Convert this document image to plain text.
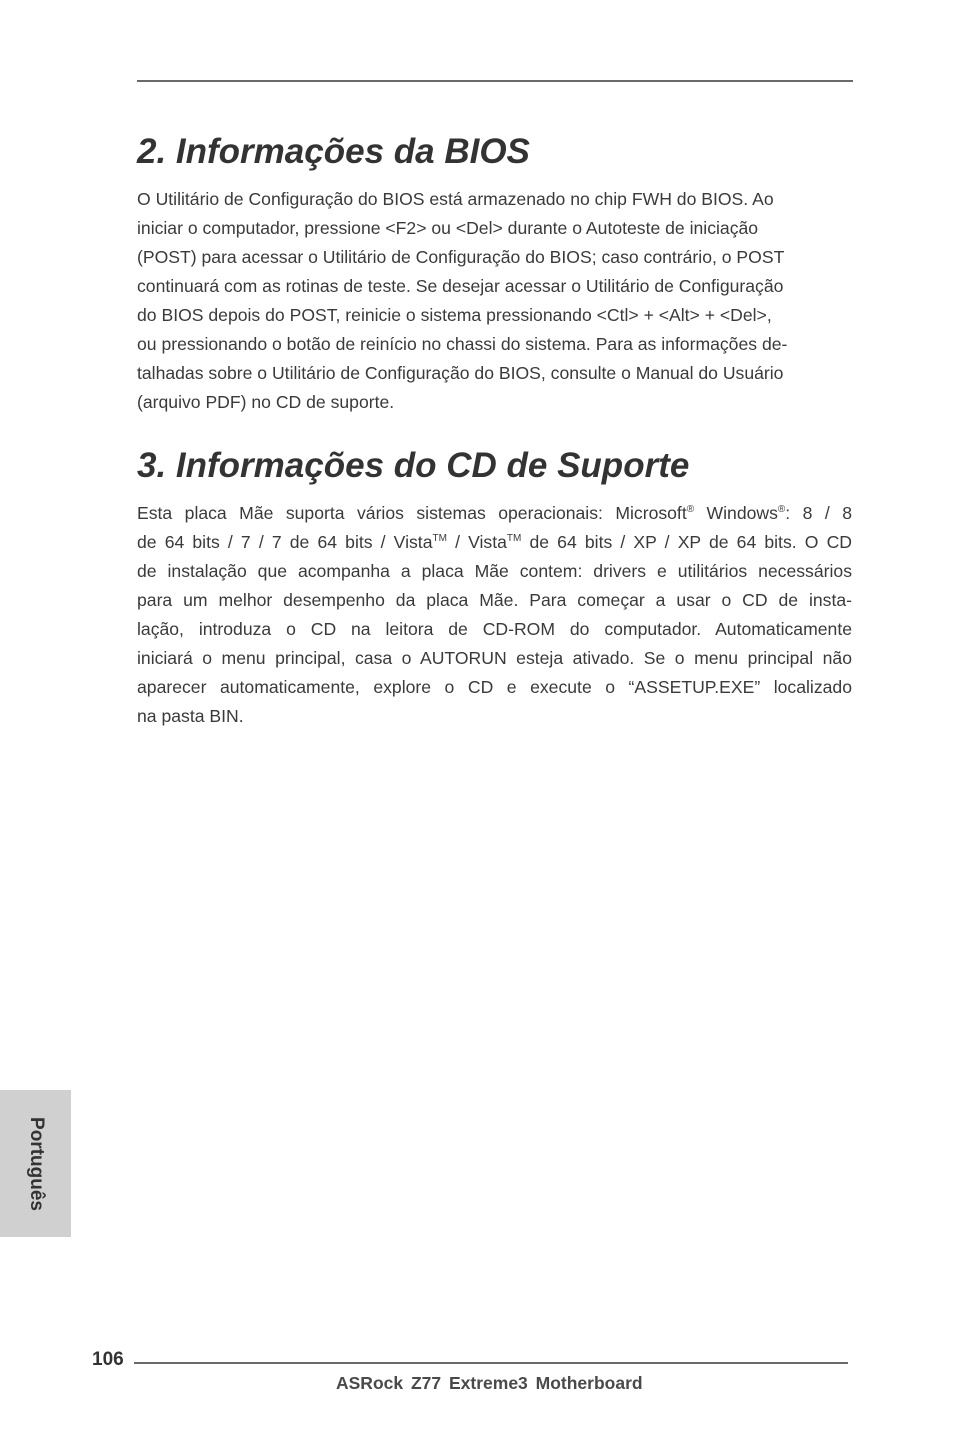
2. Informações da BIOS
O Utilitário de Configuração do BIOS está armazenado no chip FWH do BIOS. Ao
iniciar o computador, pressione <F2> ou <Del> durante o Autoteste de iniciação
(POST) para acessar o Utilitário de Configuração do BIOS; caso contrário, o POST
continuará com as rotinas de teste. Se desejar acessar o Utilitário de Configuração
do BIOS depois do POST, reinicie o sistema pressionando <Ctl> + <Alt> + <Del>,
ou pressionando o botão de reinício no chassi do sistema. Para as informações de-
talhadas sobre o Utilitário de Configuração do BIOS, consulte o Manual do Usuário
(arquivo PDF) no CD de suporte.
3. Informações do CD de Suporte
Esta placa Mãe suporta vários sistemas operacionais: Microsoft® Windows®: 8 / 8
de 64 bits / 7 / 7 de 64 bits / Vista™ / Vista™ de 64 bits / XP / XP de 64 bits. O CD
de instalação que acompanha a placa Mãe contem: drivers e utilitários necessários
para um melhor desempenho da placa Mãe. Para começar a usar o CD de insta-
lação, introduza o CD na leitora de CD-ROM do computador. Automaticamente
iniciará o menu principal, casa o AUTORUN esteja ativado. Se o menu principal não
aparecer automaticamente, explore o CD e execute o “ASSETUP.EXE” localizado
na pasta BIN.
Português
106
ASRock Z77 Extreme3 Motherboard
